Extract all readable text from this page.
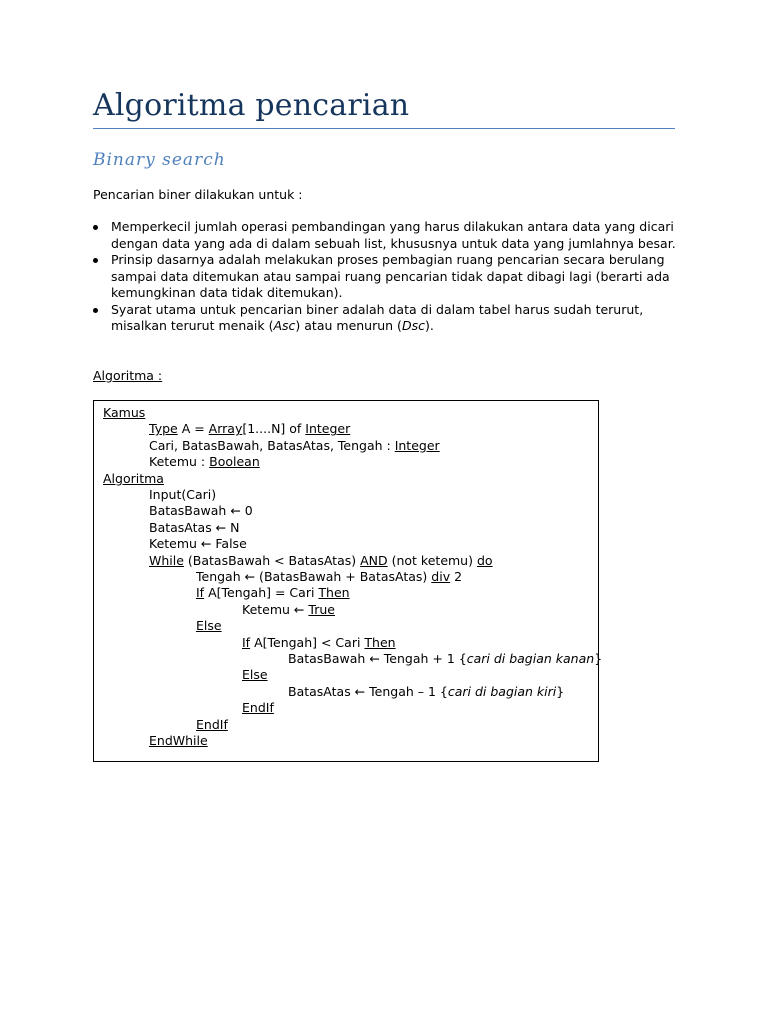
Algoritma pencarian
Binary search
Pencarian biner dilakukan untuk :
Memperkecil jumlah operasi pembandingan yang harus dilakukan antara data yang dicari dengan data yang ada di dalam sebuah list, khususnya untuk data yang jumlahnya besar.
Prinsip dasarnya adalah melakukan proses pembagian ruang pencarian secara berulang sampai data ditemukan atau sampai ruang pencarian tidak dapat dibagi lagi (berarti ada kemungkinan data tidak ditemukan).
Syarat utama untuk pencarian biner adalah data di dalam tabel harus sudah terurut, misalkan terurut menaik (Asc) atau menurun (Dsc).
Algoritma :
Kamus
Type A = Array[1....N] of Integer
Cari, BatasBawah, BatasAtas, Tengah : Integer
Ketemu : Boolean
Algoritma
Input(Cari)
BatasBawah ← 0
BatasAtas ← N
Ketemu ← False
While (BatasBawah < BatasAtas) AND (not ketemu) do
Tengah ← (BatasBawah + BatasAtas) div 2
If A[Tengah] = Cari Then
Ketemu ← True
Else
If A[Tengah] < Cari Then
BatasBawah ← Tengah + 1 {cari di bagian kanan}
Else
BatasAtas ← Tengah – 1 {cari di bagian kiri}
EndIf
EndIf
EndWhile
